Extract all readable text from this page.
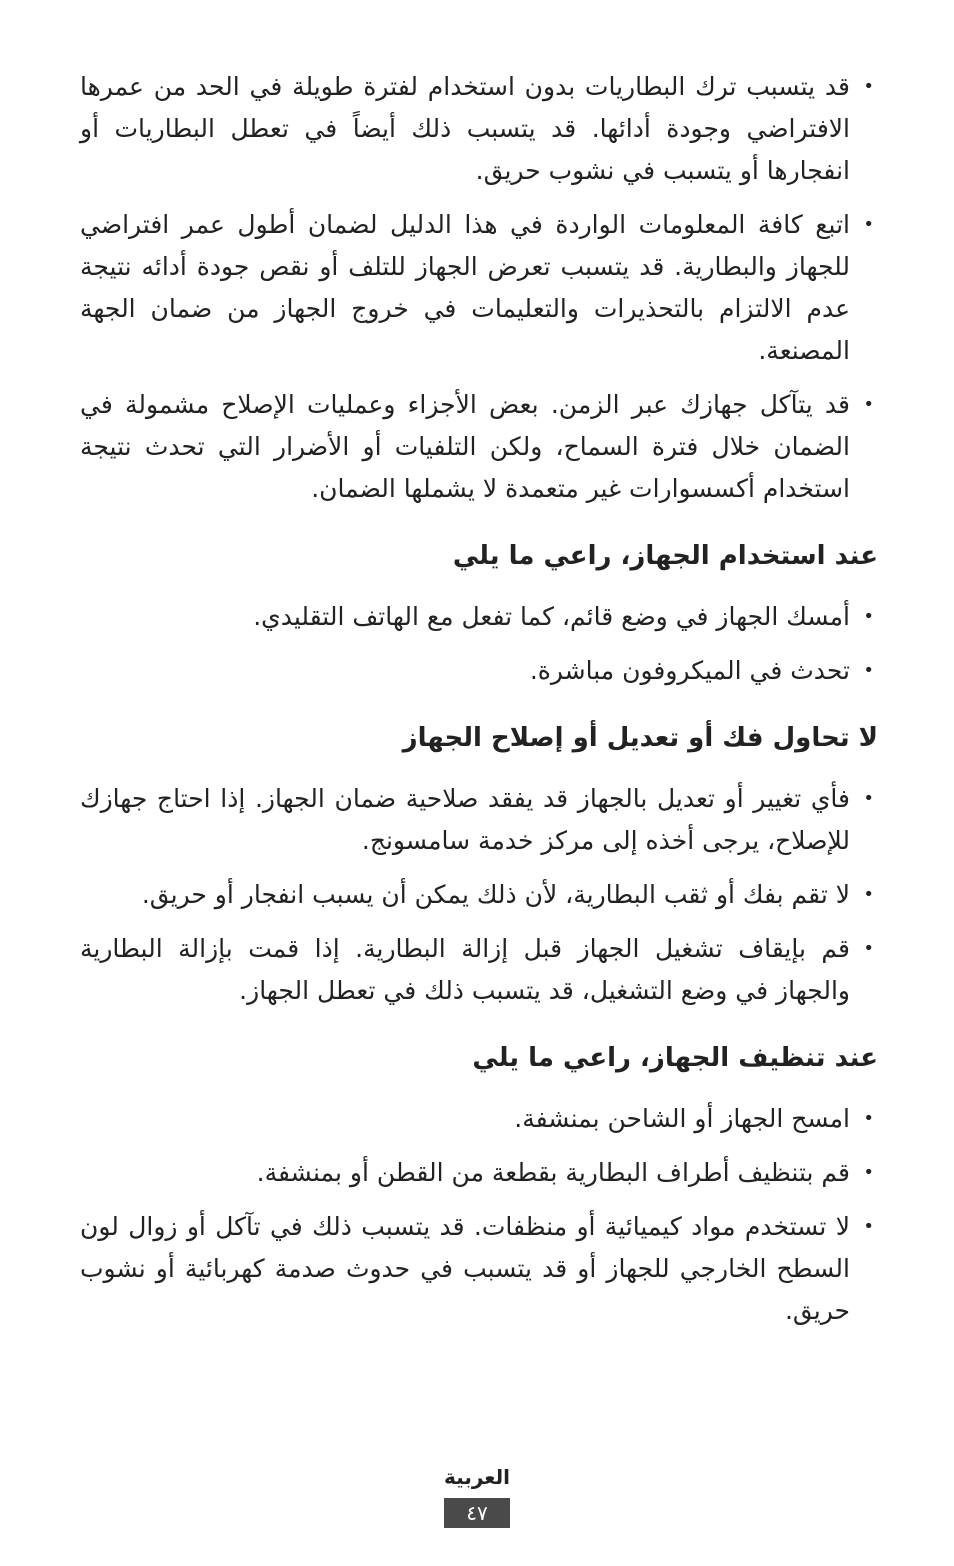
•
قد يتسبب ترك البطاريات بدون استخدام لفترة طويلة في الحد من عمرها الافتراضي وجودة أدائها. قد يتسبب ذلك أيضاً في تعطل البطاريات أو انفجارها أو يتسبب في نشوب حريق.
•
اتبع كافة المعلومات الواردة في هذا الدليل لضمان أطول عمر افتراضي للجهاز والبطارية. قد يتسبب تعرض الجهاز للتلف أو نقص جودة أدائه نتيجة عدم الالتزام بالتحذيرات والتعليمات في خروج الجهاز من ضمان الجهة المصنعة.
•
قد يتآكل جهازك عبر الزمن. بعض الأجزاء وعمليات الإصلاح مشمولة في الضمان خلال فترة السماح، ولكن التلفيات أو الأضرار التي تحدث نتيجة استخدام أكسسوارات غير متعمدة لا يشملها الضمان.
عند استخدام الجهاز، راعي ما يلي
•
أمسك الجهاز في وضع قائم، كما تفعل مع الهاتف التقليدي.
•
تحدث في الميكروفون مباشرة.
لا تحاول فك أو تعديل أو إصلاح الجهاز
•
فأي تغيير أو تعديل بالجهاز قد يفقد صلاحية ضمان الجهاز. إذا احتاج جهازك للإصلاح، يرجى أخذه إلى مركز خدمة سامسونج.
•
لا تقم بفك أو ثقب البطارية، لأن ذلك يمكن أن يسبب انفجار أو حريق.
•
قم بإيقاف تشغيل الجهاز قبل إزالة البطارية. إذا قمت بإزالة البطارية والجهاز في وضع التشغيل، قد يتسبب ذلك في تعطل الجهاز.
عند تنظيف الجهاز، راعي ما يلي
•
امسح الجهاز أو الشاحن بمنشفة.
•
قم بتنظيف أطراف البطارية بقطعة من القطن أو بمنشفة.
•
لا تستخدم مواد كيميائية أو منظفات. قد يتسبب ذلك في تآكل أو زوال لون السطح الخارجي للجهاز أو قد يتسبب في حدوث صدمة كهربائية أو نشوب حريق.
العربية
٤٧
